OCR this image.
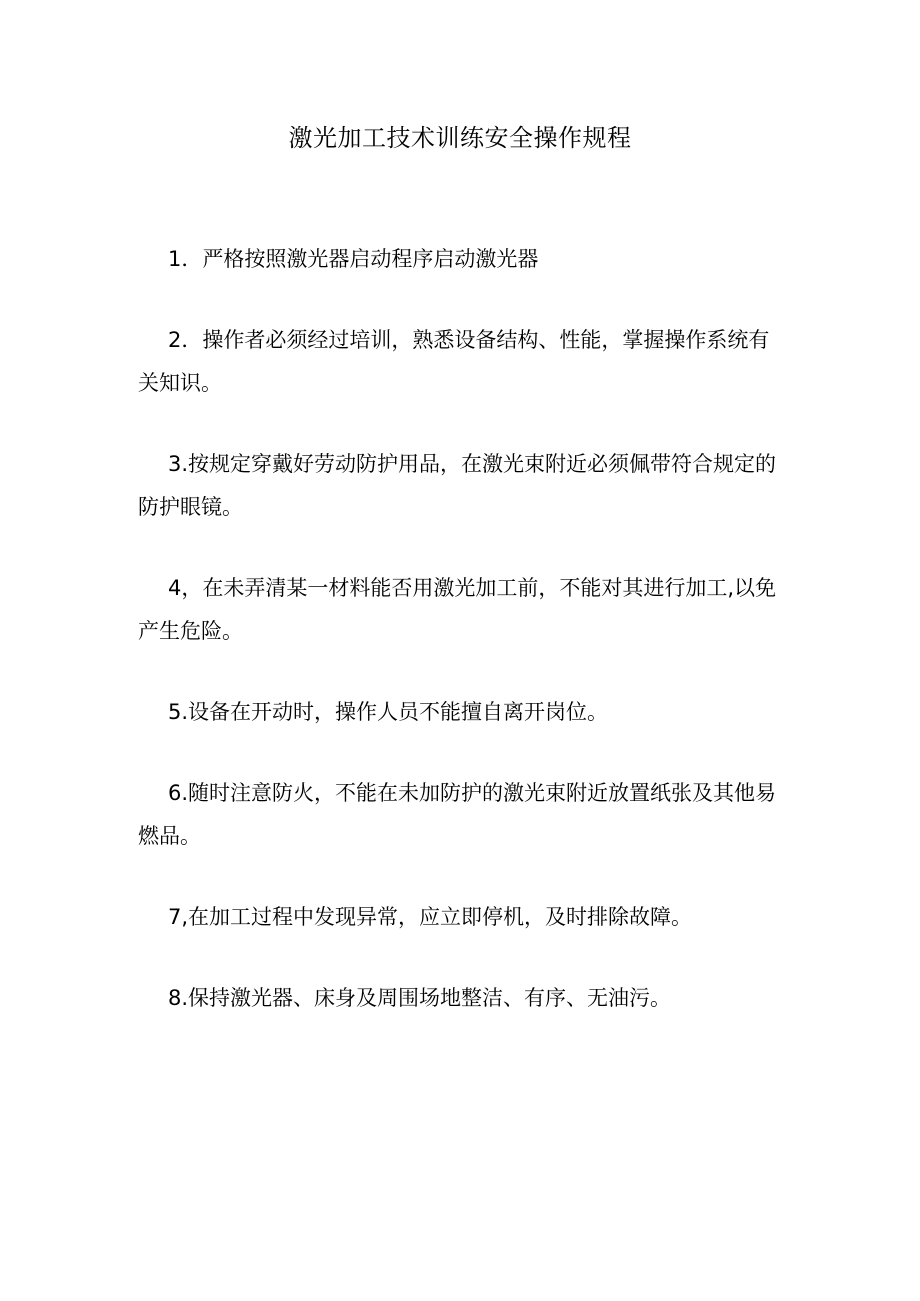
激光加工技术训练安全操作规程

1．严格按照激光器启动程序启动激光器

2．操作者必须经过培训，熟悉设备结构、性能，掌握操作系统有关知识。

3.按规定穿戴好劳动防护用品，在激光束附近必须佩带符合规定的防护眼镜。

4，在未弄清某一材料能否用激光加工前，不能对其进行加工,以免产生危险。

5.设备在开动时，操作人员不能擅自离开岗位。

6.随时注意防火，不能在未加防护的激光束附近放置纸张及其他易燃品。

7,在加工过程中发现异常，应立即停机，及时排除故障。

8.保持激光器、床身及周围场地整洁、有序、无油污。
